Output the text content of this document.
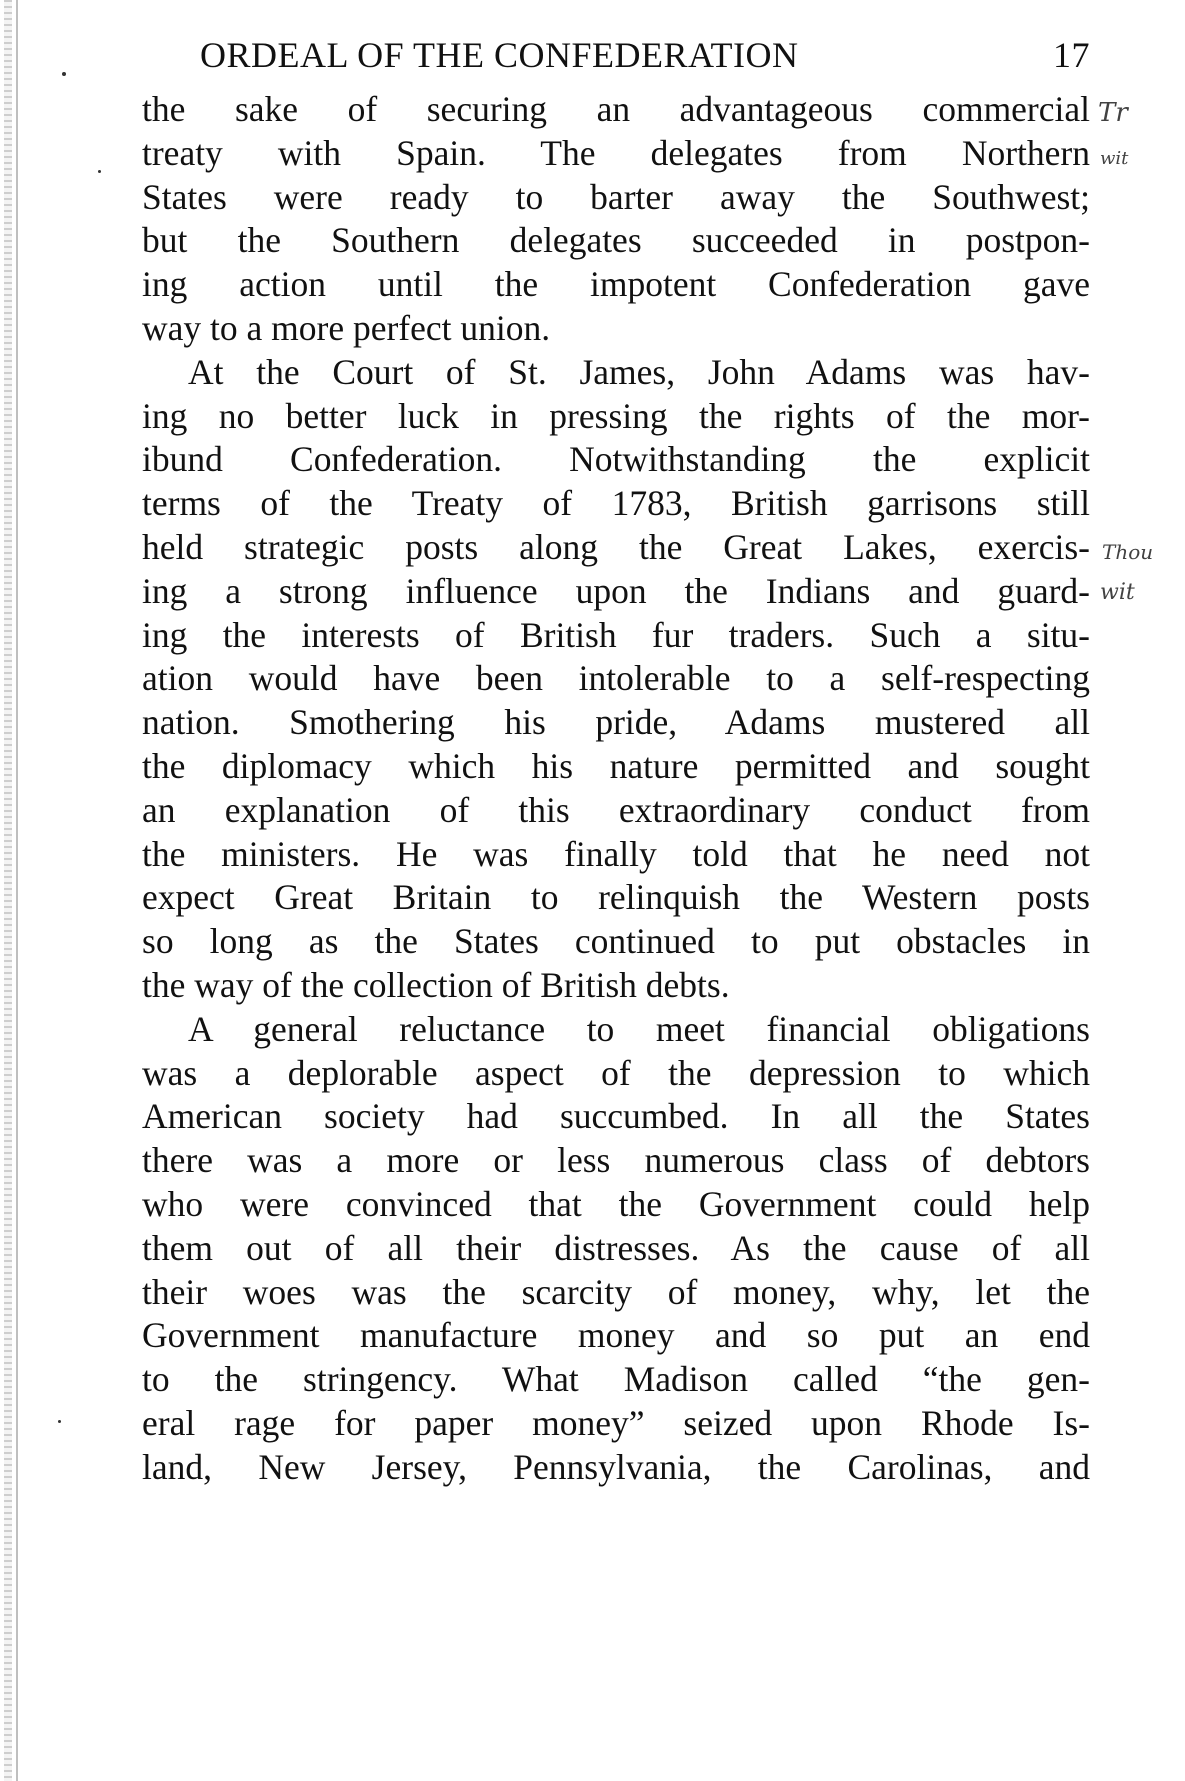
ORDEAL OF THE CONFEDERATION	17
the sake of securing an advantageous commercial
treaty with Spain. The delegates from Northern
States were ready to barter away the Southwest;
but the Southern delegates succeeded in postpon-
ing action until the impotent Confederation gave
way to a more perfect union.
At the Court of St. James, John Adams was hav-
ing no better luck in pressing the rights of the mor-
ibund Confederation. Notwithstanding the explicit
terms of the Treaty of 1783, British garrisons still
held strategic posts along the Great Lakes, exercis-
ing a strong influence upon the Indians and guard-
ing the interests of British fur traders. Such a situ-
ation would have been intolerable to a self-respecting
nation. Smothering his pride, Adams mustered all
the diplomacy which his nature permitted and sought
an explanation of this extraordinary conduct from
the ministers. He was finally told that he need not
expect Great Britain to relinquish the Western posts
so long as the States continued to put obstacles in
the way of the collection of British debts.
A general reluctance to meet financial obligations
was a deplorable aspect of the depression to which
American society had succumbed. In all the States
there was a more or less numerous class of debtors
who were convinced that the Government could help
them out of all their distresses. As the cause of all
their woes was the scarcity of money, why, let the
Government manufacture money and so put an end
to the stringency. What Madison called “the gen-
eral rage for paper money” seized upon Rhode Is-
land, New Jersey, Pennsylvania, the Carolinas, and
Tr
wit
Thou
wit
